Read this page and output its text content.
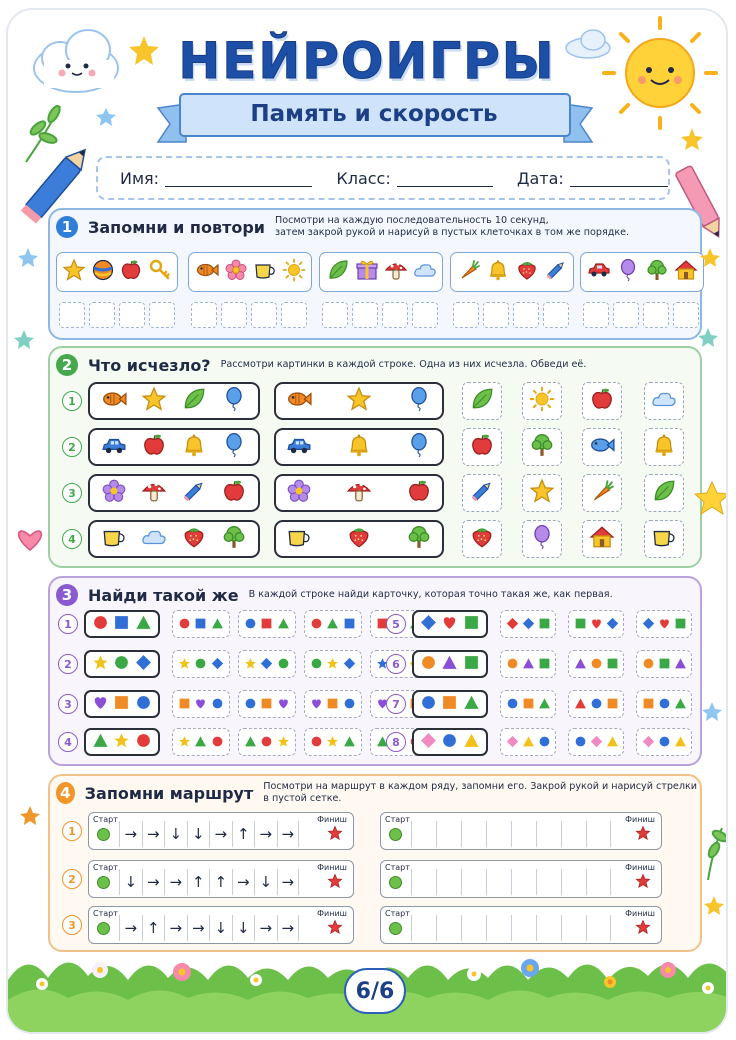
НЕЙРОИГРЫ
Память и скорость
Имя:	Класс:	Дата:
1 Запомни и повтори Посмотри на каждую последовательность 10 секунд,
затем закрой рукой и нарисуй в пустых клеточках в том же порядке.
2 Что исчезло? Рассмотри картинки в каждой строке. Одна из них исчезла. Обведи её.
1
2
3
4
3 Найди такой же В каждой строке найди карточку, которая точно такая же, как первая.
1
2
3
4
5
6
7
8
4 Запомни маршрут Посмотри на маршрут в каждом ряду, запомни его. Закрой рукой и нарисуй стрелки в пустой сетке.
1
Старт	Финиш
→ → ↓ ↓ → ↑ → →
Старт	Финиш
2
Старт	Финиш
↓ → → ↑ ↑ → ↓ →
Старт	Финиш
3
Старт	Финиш
→ ↑ → → ↓ ↓ → →
Старт	Финиш
6/6
